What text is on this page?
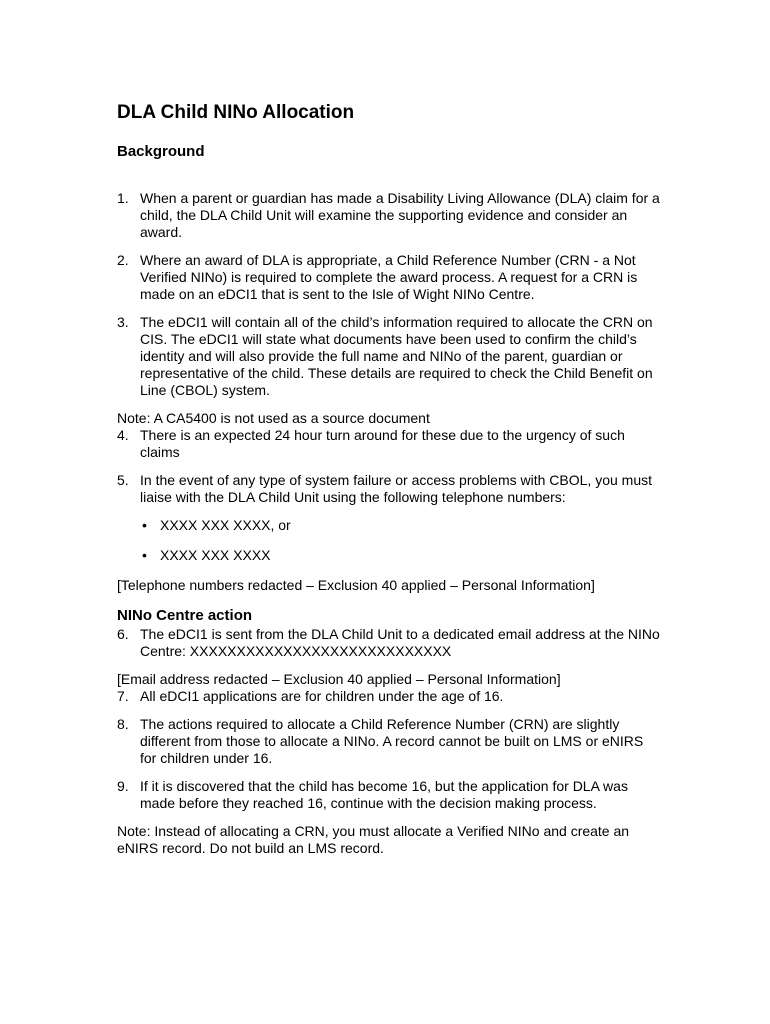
DLA Child NINo Allocation
Background
1. When a parent or guardian has made a Disability Living Allowance (DLA) claim for a child, the DLA Child Unit will examine the supporting evidence and consider an award.
2. Where an award of DLA is appropriate, a Child Reference Number (CRN - a Not Verified NINo) is required to complete the award process. A request for a CRN is made on an eDCI1 that is sent to the Isle of Wight NINo Centre.
3. The eDCI1 will contain all of the child’s information required to allocate the CRN on CIS. The eDCI1 will state what documents have been used to confirm the child’s identity and will also provide the full name and NINo of the parent, guardian or representative of the child. These details are required to check the Child Benefit on Line (CBOL) system.

Note: A CA5400 is not used as a source document

4. There is an expected 24 hour turn around for these due to the urgency of such claims
5. In the event of any type of system failure or access problems with CBOL, you must liaise with the DLA Child Unit using the following telephone numbers:
• XXXX XXX XXXX, or
• XXXX XXX XXXX

[Telephone numbers redacted – Exclusion 40 applied – Personal Information]

NINo Centre action
6. The eDCI1 is sent from the DLA Child Unit to a dedicated email address at the NINo Centre: XXXXXXXXXXXXXXXXXXXXXXXXXXXX

[Email address redacted – Exclusion 40 applied – Personal Information]

7. All eDCI1 applications are for children under the age of 16.
8. The actions required to allocate a Child Reference Number (CRN) are slightly different from those to allocate a NINo. A record cannot be built on LMS or eNIRS for children under 16.
9. If it is discovered that the child has become 16, but the application for DLA was made before they reached 16, continue with the decision making process.

Note: Instead of allocating a CRN, you must allocate a Verified NINo and create an eNIRS record. Do not build an LMS record.
